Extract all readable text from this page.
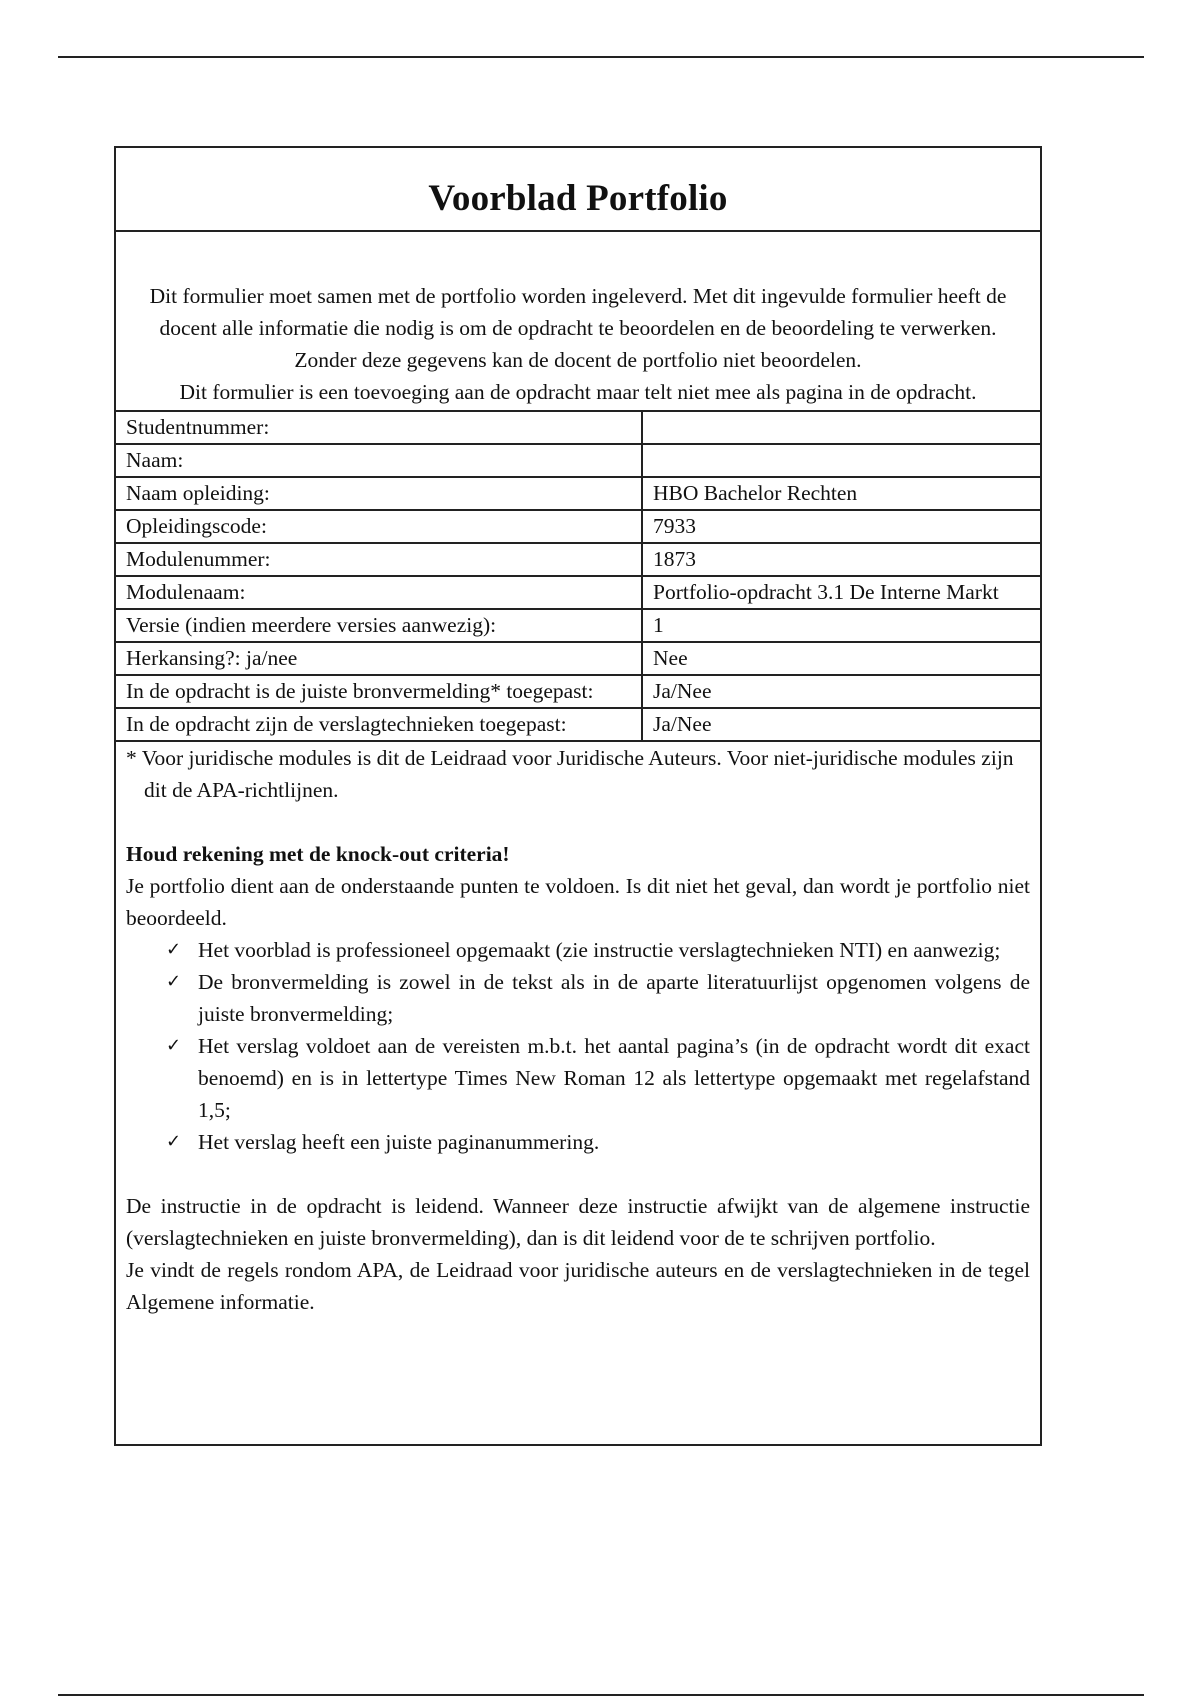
Voorblad Portfolio

Dit formulier moet samen met de portfolio worden ingeleverd. Met dit ingevulde formulier heeft de docent alle informatie die nodig is om de opdracht te beoordelen en de beoordeling te verwerken. Zonder deze gegevens kan de docent de portfolio niet beoordelen.

Dit formulier is een toevoeging aan de opdracht maar telt niet mee als pagina in de opdracht.

Studentnummer:	
Naam:	
Naam opleiding:	HBO Bachelor Rechten
Opleidingscode:	7933
Modulenummer:	1873
Modulenaam:	Portfolio-opdracht 3.1 De Interne Markt
Versie (indien meerdere versies aanwezig):	1
Herkansing?: ja/nee	Nee
In de opdracht is de juiste bronvermelding* toegepast:	Ja/Nee
In de opdracht zijn de verslagtechnieken toegepast:	Ja/Nee

* Voor juridische modules is dit de Leidraad voor Juridische Auteurs. Voor niet-juridische modules zijn dit de APA-richtlijnen.

Houd rekening met de knock-out criteria!

Je portfolio dient aan de onderstaande punten te voldoen. Is dit niet het geval, dan wordt je portfolio niet beoordeeld.

✓ Het voorblad is professioneel opgemaakt (zie instructie verslagtechnieken NTI) en aanwezig;
✓ De bronvermelding is zowel in de tekst als in de aparte literatuurlijst opgenomen volgens de juiste bronvermelding;
✓ Het verslag voldoet aan de vereisten m.b.t. het aantal pagina’s (in de opdracht wordt dit exact benoemd) en is in lettertype Times New Roman 12 als lettertype opgemaakt met regelafstand 1,5;
✓ Het verslag heeft een juiste paginanummering.

De instructie in de opdracht is leidend. Wanneer deze instructie afwijkt van de algemene instructie (verslagtechnieken en juiste bronvermelding), dan is dit leidend voor de te schrijven portfolio.

Je vindt de regels rondom APA, de Leidraad voor juridische auteurs en de verslagtechnieken in de tegel Algemene informatie.
